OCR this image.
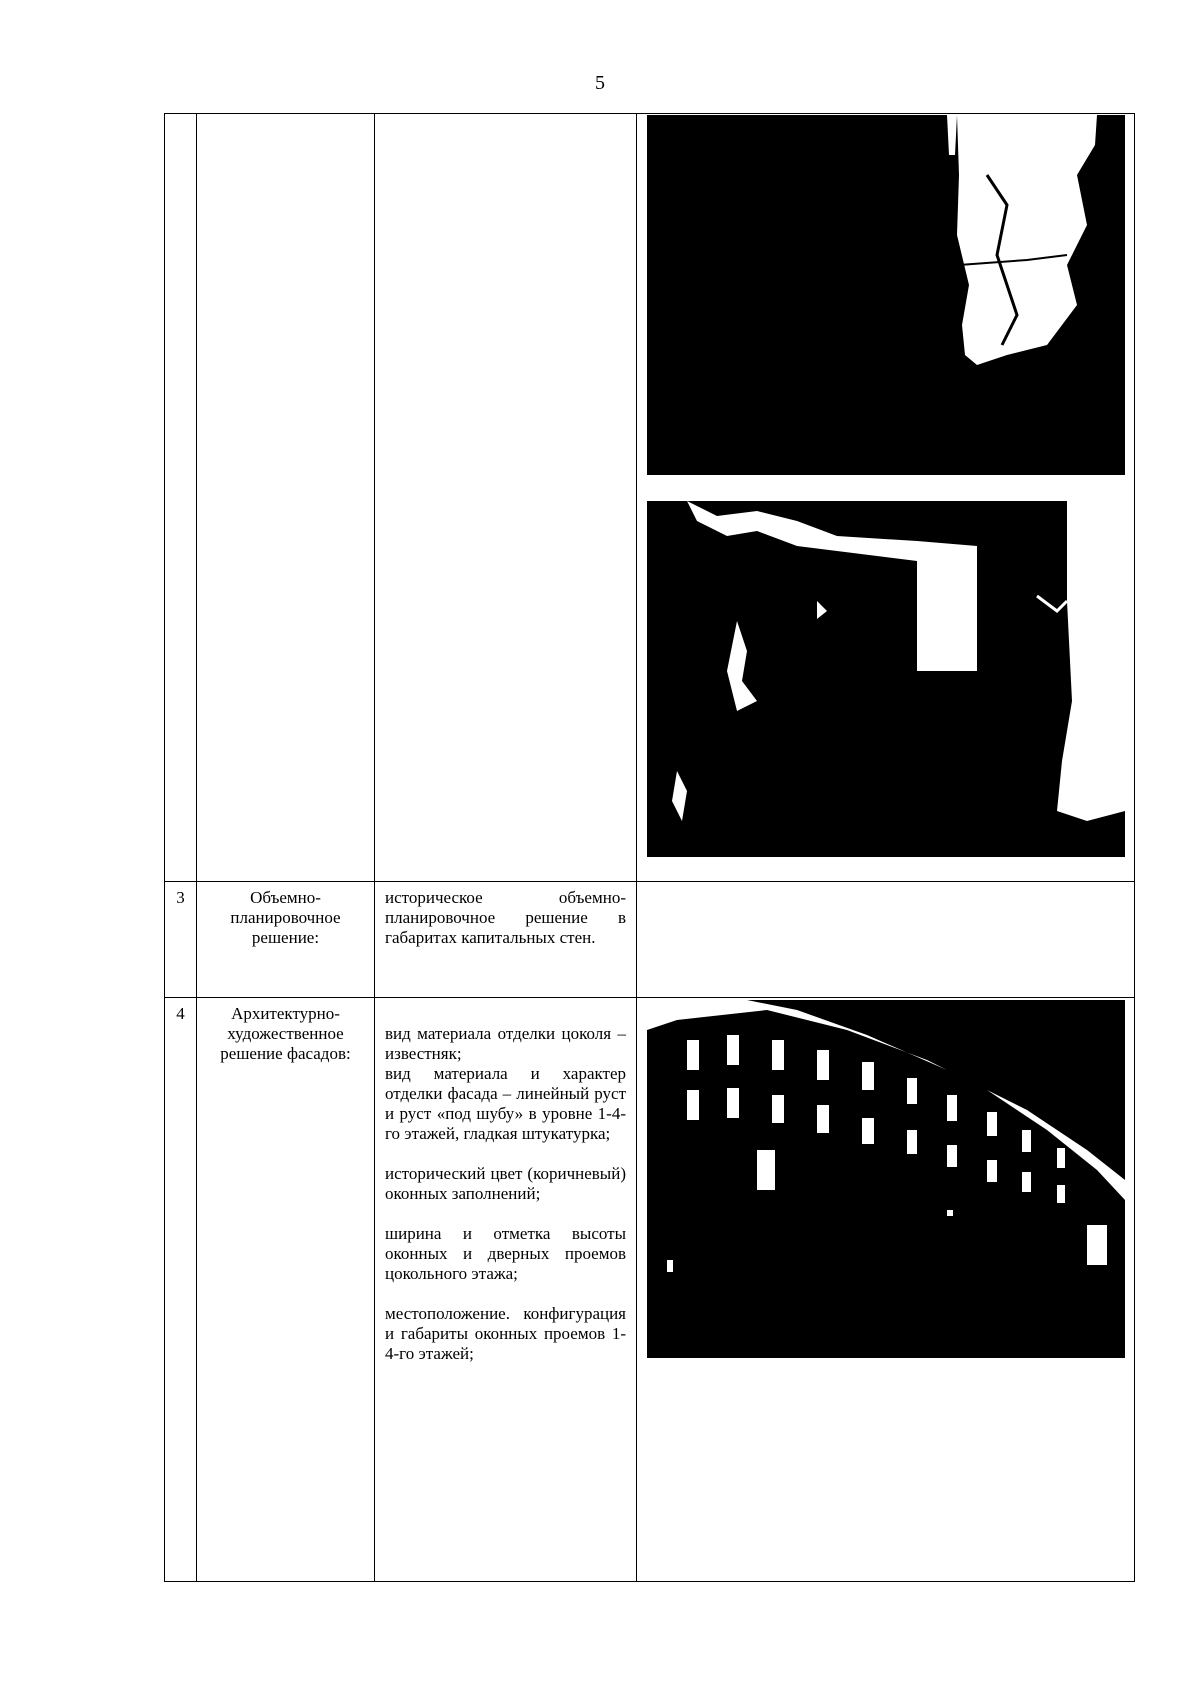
5

3	Объемно-планировочное решение:	историческое объемно-планировочное решение в габаритах капитальных стен.	

4	Архитектурно-художественное решение фасадов:	вид материала отделки цоколя – известняк;

вид материала и характер отделки фасада – линейный руст и руст «под шубу» в уровне 1-4-го этажей, гладкая штукатурка;

исторический цвет (коричневый) оконных заполнений;

ширина и отметка высоты оконных и дверных проемов цокольного этажа;

местоположение. конфигурация и габариты оконных проемов 1-4-го этажей;
